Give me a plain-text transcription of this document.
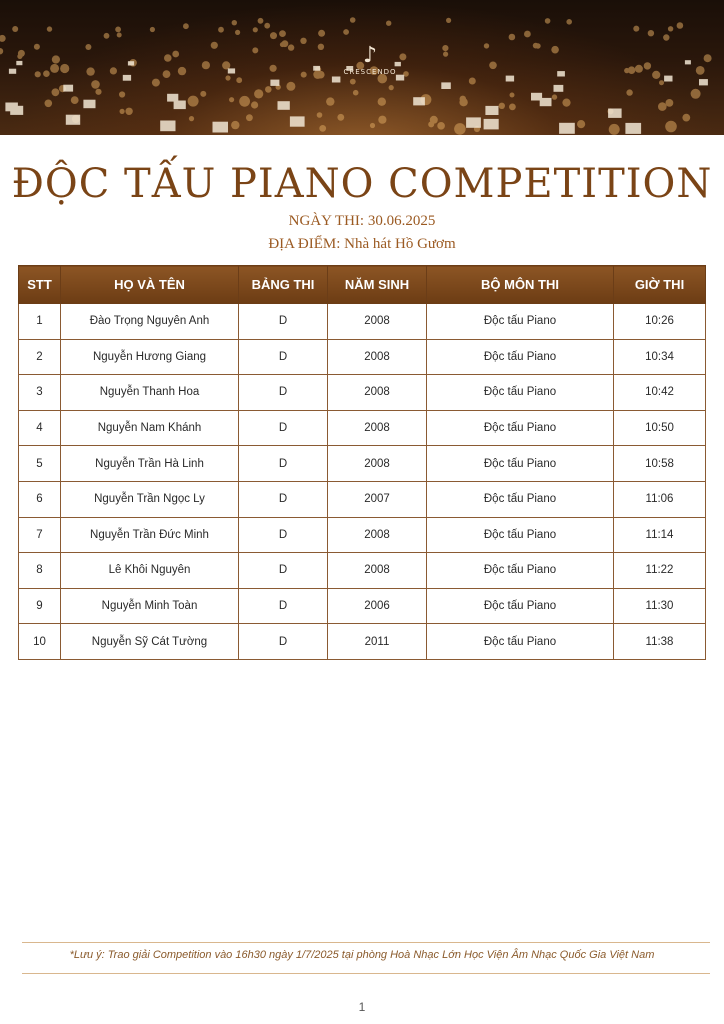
♪
CRESCENDO
ĐỘC TẤU PIANO COMPETITION
NGÀY THI: 30.06.2025
ĐỊA ĐIỂM: Nhà hát Hồ Gươm
STT	HỌ VÀ TÊN	BẢNG THI	NĂM SINH	BỘ MÔN THI	GIỜ THI
1	Đào Trọng Nguyên Anh	D	2008	Độc tấu Piano	10:26
2	Nguyễn Hương Giang	D	2008	Độc tấu Piano	10:34
3	Nguyễn Thanh Hoa	D	2008	Độc tấu Piano	10:42
4	Nguyễn Nam Khánh	D	2008	Độc tấu Piano	10:50
5	Nguyễn Trần Hà Linh	D	2008	Độc tấu Piano	10:58
6	Nguyễn Trần Ngọc Ly	D	2007	Độc tấu Piano	11:06
7	Nguyễn Trần Đức Minh	D	2008	Độc tấu Piano	11:14
8	Lê Khôi Nguyên	D	2008	Độc tấu Piano	11:22
9	Nguyễn Minh Toàn	D	2006	Độc tấu Piano	11:30
10	Nguyễn Sỹ Cát Tường	D	2011	Độc tấu Piano	11:38
*Lưu ý: Trao giải Competition vào 16h30 ngày 1/7/2025 tại phòng Hoà Nhạc Lớn Học Viện Âm Nhạc Quốc Gia Việt Nam
1
